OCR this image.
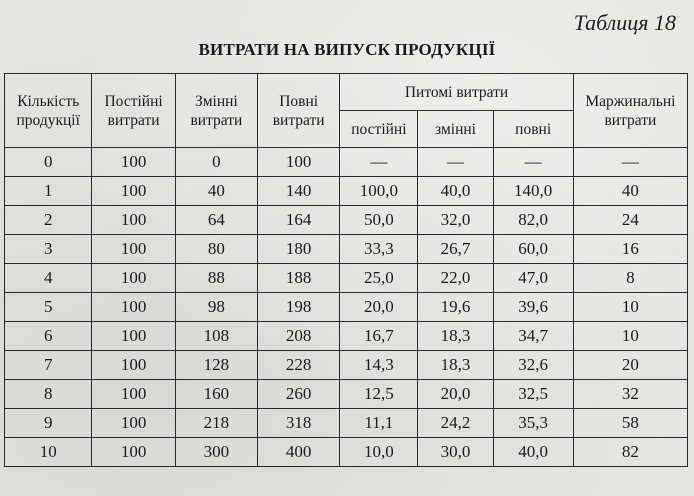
Таблиця 18
ВИТРАТИ НА ВИПУСК ПРОДУКЦІЇ
Кількість продукції	Постійні витрати	Змінні витрати	Повні витрати	Питомі витрати			Маржинальні витрати
				постійні	змінні	повні	
0	100	0	100	—	—	—	—
1	100	40	140	100,0	40,0	140,0	40
2	100	64	164	50,0	32,0	82,0	24
3	100	80	180	33,3	26,7	60,0	16
4	100	88	188	25,0	22,0	47,0	8
5	100	98	198	20,0	19,6	39,6	10
6	100	108	208	16,7	18,3	34,7	10
7	100	128	228	14,3	18,3	32,6	20
8	100	160	260	12,5	20,0	32,5	32
9	100	218	318	11,1	24,2	35,3	58
10	100	300	400	10,0	30,0	40,0	82
